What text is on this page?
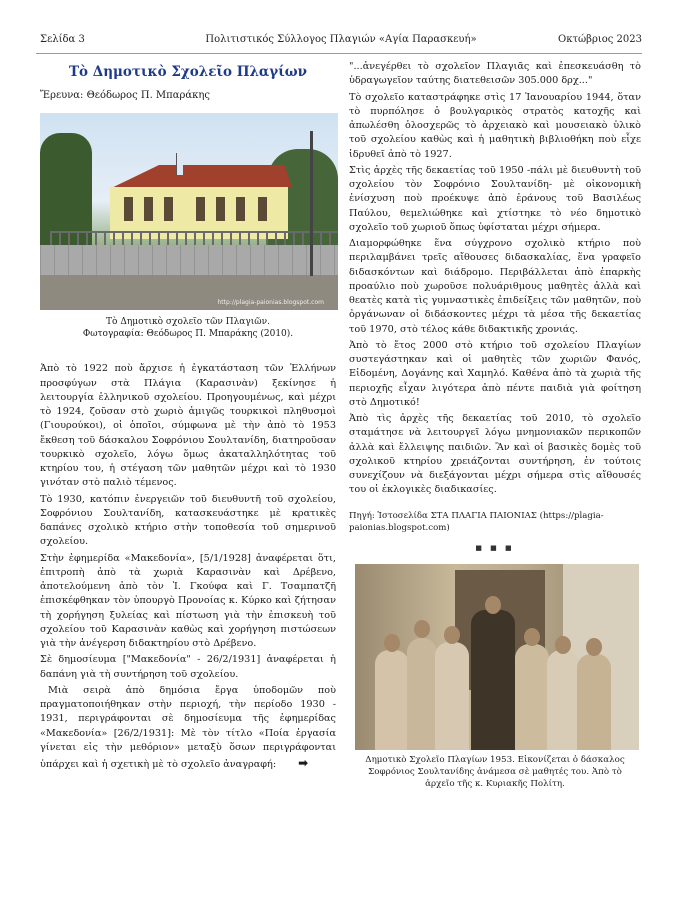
Πολιτιστικός Σύλλογος Πλαγιών «Αγία Παρασκευή»
Σελίδα 3	Οκτώβριος 2023
Τὸ Δημοτικὸ Σχολεῖο Πλαγίων
Ἔρευνα: Θεόδωρος Π. Μπαράκης
http://plagia-paionias.blogspot.com
Τὸ Δημοτικὸ σχολεῖο τῶν Πλαγιῶν.
Φωτογραφία: Θεόδωρος Π. Μπαράκης (2010).

Ἀπὸ τὸ 1922 ποὺ ἄρχισε ἡ ἐγκατάσταση τῶν Ἑλλήνων προσφύγων στὰ Πλάγια (Καρασινὰν) ξεκίνησε ἡ λειτουργία ἑλληνικοῦ σχολείου. Προηγουμένως, καὶ μέχρι τὸ 1924, ζοῦσαν στὸ χωριὸ ἀμιγῶς τουρκικοὶ πληθυσμοὶ (Γιουρούκοι), οἱ ὁποῖοι, σύμφωνα μὲ τὴν ἀπὸ τὸ 1953 ἔκθεση τοῦ δάσκαλου Σοφρόνιου Σουλτανίδη, διατηροῦσαν τουρκικὸ σχολεῖο, λόγω ὅμως ἀκαταλληλότητας τοῦ κτηρίου του, ἡ στέγαση τῶν μαθητῶν μέχρι καὶ τὸ 1930 γινόταν στὸ παλιὸ τέμενος.

Τὸ 1930, κατόπιν ἐνεργειῶν τοῦ διευθυντῆ τοῦ σχολείου, Σοφρόνιου Σουλτανίδη, κατασκευάστηκε μὲ κρατικὲς δαπάνες σχολικὸ κτήριο στὴν τοποθεσία τοῦ σημερινοῦ σχολείου.

Στὴν ἐφημερίδα «Μακεδονία», [5/1/1928] ἀναφέρεται ὅτι, ἐπιτροπὴ ἀπὸ τὰ χωριὰ Καρασινὰν καὶ Δρέβενο, ἀποτελούμενη ἀπὸ τὸν Ἰ. Γκούφα καὶ Γ. Τσαμπατζῆ ἐπισκέφθηκαν τὸν ὑπουργὸ Προνοίας κ. Κύρκο καὶ ζήτησαν τὴ χορήγηση ξυλείας καὶ πίστωση γιὰ τὴν ἐπισκευὴ τοῦ σχολείου τοῦ Καρασινὰν καθὼς καὶ χορήγηση πιστώσεων γιὰ τὴν ἀνέγερση διδακτηρίου στὸ Δρέβενο.

Σὲ δημοσίευμα ["Μακεδονία" - 26/2/1931] ἀναφέρεται ἡ δαπάνη γιὰ τὴ συντήρηση τοῦ σχολείου.

Μιὰ σειρὰ ἀπὸ δημόσια ἔργα ὑποδομῶν ποὺ πραγματοποιήθηκαν στὴν περιοχή, τὴν περίοδο 1930 - 1931, περιγράφονται σὲ δημοσίευμα τῆς ἐφημερίδας «Μακεδονία» [26/2/1931]: Μὲ τὸν τίτλο «Ποία ἐργασία γίνεται εἰς τὴν μεθόριον» μεταξὺ ὅσων περιγράφονται ὑπάρχει καὶ ἡ σχετικὴ μὲ τὸ σχολεῖο ἀναγραφή: ➡

"...ἀνεγέρθει τὸ σχολεῖον Πλαγιᾶς καὶ ἐπεσκευάσθη τὸ ὑδραγωγεῖον ταύτης διατεθεισῶν 305.000 δρχ..."

Τὸ σχολεῖο καταστράφηκε στὶς 17 Ἰανουαρίου 1944, ὅταν τὸ πυρπόλησε ὁ βουλγαρικὸς στρατὸς κατοχῆς καὶ ἀπωλέσθη ὁλοσχερῶς τὸ ἀρχειακὸ καὶ μουσειακὸ ὑλικὸ τοῦ σχολείου καθὼς καὶ ἡ μαθητικὴ βιβλιοθήκη ποὺ εἶχε ἱδρυθεῖ ἀπὸ τὸ 1927.

Στὶς ἀρχὲς τῆς δεκαετίας τοῦ 1950 -πάλι μὲ διευθυντὴ τοῦ σχολείου τὸν Σοφρόνιο Σουλτανίδη- μὲ οἰκονομικὴ ἐνίσχυση ποὺ προέκυψε ἀπὸ ἐράνους τοῦ Βασιλέως Παύλου, θεμελιώθηκε καὶ χτίστηκε τὸ νέο δημοτικὸ σχολεῖο τοῦ χωριοῦ ὅπως ὑφίσταται μέχρι σήμερα.

Διαμορφώθηκε ἕνα σύγχρονο σχολικὸ κτήριο ποὺ περιλαμβάνει τρεῖς αἴθουσες διδασκαλίας, ἕνα γραφεῖο διδασκόντων καὶ διάδρομο. Περιβάλλεται ἀπὸ ἐπαρκὴς προαύλιο ποὺ χωροῦσε πολυάριθμους μαθητὲς ἀλλὰ καὶ θεατὲς κατὰ τὶς γυμναστικὲς ἐπιδείξεις τῶν μαθητῶν, ποὺ ὀργάνωναν οἱ διδάσκοντες μέχρι τὰ μέσα τῆς δεκαετίας τοῦ 1970, στὸ τέλος κάθε διδακτικῆς χρονιάς.

Ἀπὸ τὸ ἔτος 2000 στὸ κτήριο τοῦ σχολείου Πλαγίων συστεγάστηκαν καὶ οἱ μαθητὲς τῶν χωριῶν Φανός, Εἰδομένη, Δογάνης καὶ Χαμηλό. Καθένα ἀπὸ τὰ χωριὰ τῆς περιοχῆς εἶχαν λιγότερα ἀπὸ πέντε παιδιὰ γιὰ φοίτηση στὸ Δημοτικό!

Ἀπὸ τὶς ἀρχὲς τῆς δεκαετίας τοῦ 2010, τὸ σχολεῖο σταμάτησε νὰ λειτουργεῖ λόγω μνημονιακῶν περικοπῶν ἀλλὰ καὶ ἔλλειψης παιδιῶν. Ἂν καὶ οἱ βασικὲς δομὲς τοῦ σχολικοῦ κτηρίου χρειάζονται συντήρηση, ἐν τούτοις συνεχίζουν νὰ διεξάγονται μέχρι σήμερα στὶς αἴθουσές του οἱ ἐκλογικὲς διαδικασίες.

Πηγή: Ἱστοσελίδα ΣΤΑ ΠΛΑΓΙΑ ΠΑΙΟΝΙΑΣ (https://plagia-paionias.blogspot.com)
■ ■ ■
Δημοτικὸ Σχολεῖο Πλαγίων 1953. Εἰκονίζεται ὁ δάσκαλος Σοφρόνιος Σουλτανίδης ἀνάμεσα σὲ μαθητές του. Ἀπὸ τὸ ἀρχεῖο τῆς κ. Κυριακῆς Πολίτη.
